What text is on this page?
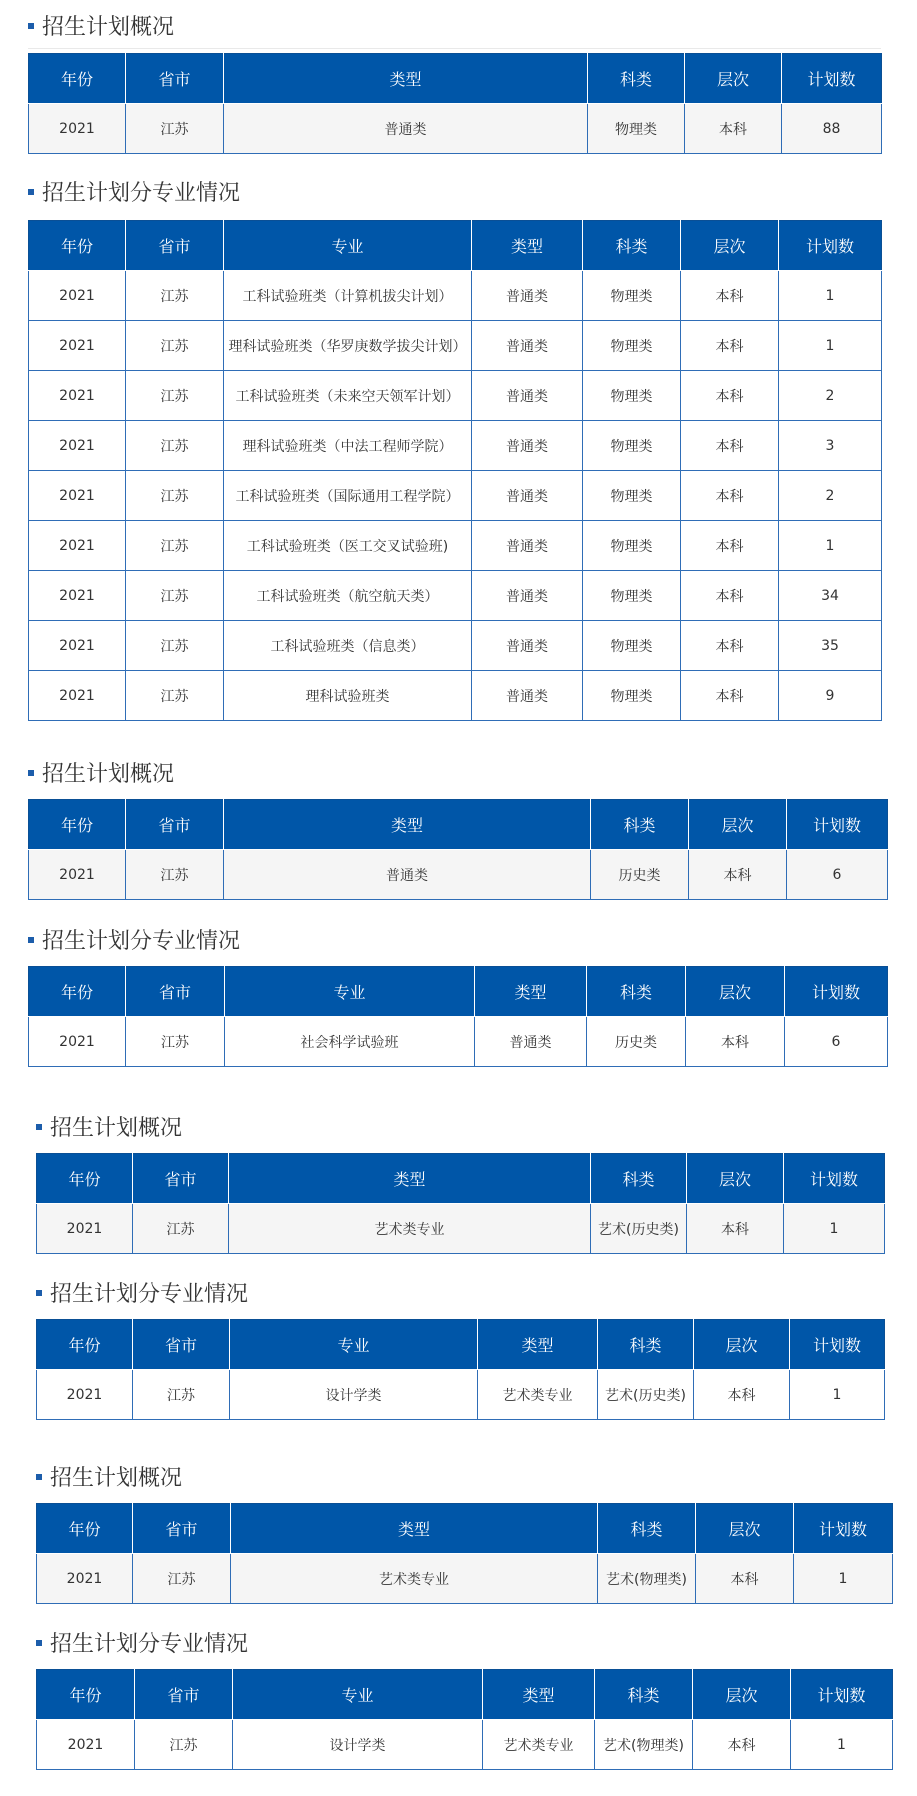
招生计划概况
年份	省市	类型	科类	层次	计划数
2021	江苏	普通类	物理类	本科	88
招生计划分专业情况
年份	省市	专业	类型	科类	层次	计划数
2021	江苏	工科试验班类（计算机拔尖计划）	普通类	物理类	本科	1
2021	江苏	理科试验班类（华罗庚数学拔尖计划）	普通类	物理类	本科	1
2021	江苏	工科试验班类（未来空天领军计划）	普通类	物理类	本科	2
2021	江苏	理科试验班类（中法工程师学院）	普通类	物理类	本科	3
2021	江苏	工科试验班类（国际通用工程学院）	普通类	物理类	本科	2
2021	江苏	工科试验班类（医工交叉试验班)	普通类	物理类	本科	1
2021	江苏	工科试验班类（航空航天类）	普通类	物理类	本科	34
2021	江苏	工科试验班类（信息类）	普通类	物理类	本科	35
2021	江苏	理科试验班类	普通类	物理类	本科	9
招生计划概况
年份	省市	类型	科类	层次	计划数
2021	江苏	普通类	历史类	本科	6
招生计划分专业情况
年份	省市	专业	类型	科类	层次	计划数
2021	江苏	社会科学试验班	普通类	历史类	本科	6
招生计划概况
年份	省市	类型	科类	层次	计划数
2021	江苏	艺术类专业	艺术(历史类)	本科	1
招生计划分专业情况
年份	省市	专业	类型	科类	层次	计划数
2021	江苏	设计学类	艺术类专业	艺术(历史类)	本科	1
招生计划概况
年份	省市	类型	科类	层次	计划数
2021	江苏	艺术类专业	艺术(物理类)	本科	1
招生计划分专业情况
年份	省市	专业	类型	科类	层次	计划数
2021	江苏	设计学类	艺术类专业	艺术(物理类)	本科	1
